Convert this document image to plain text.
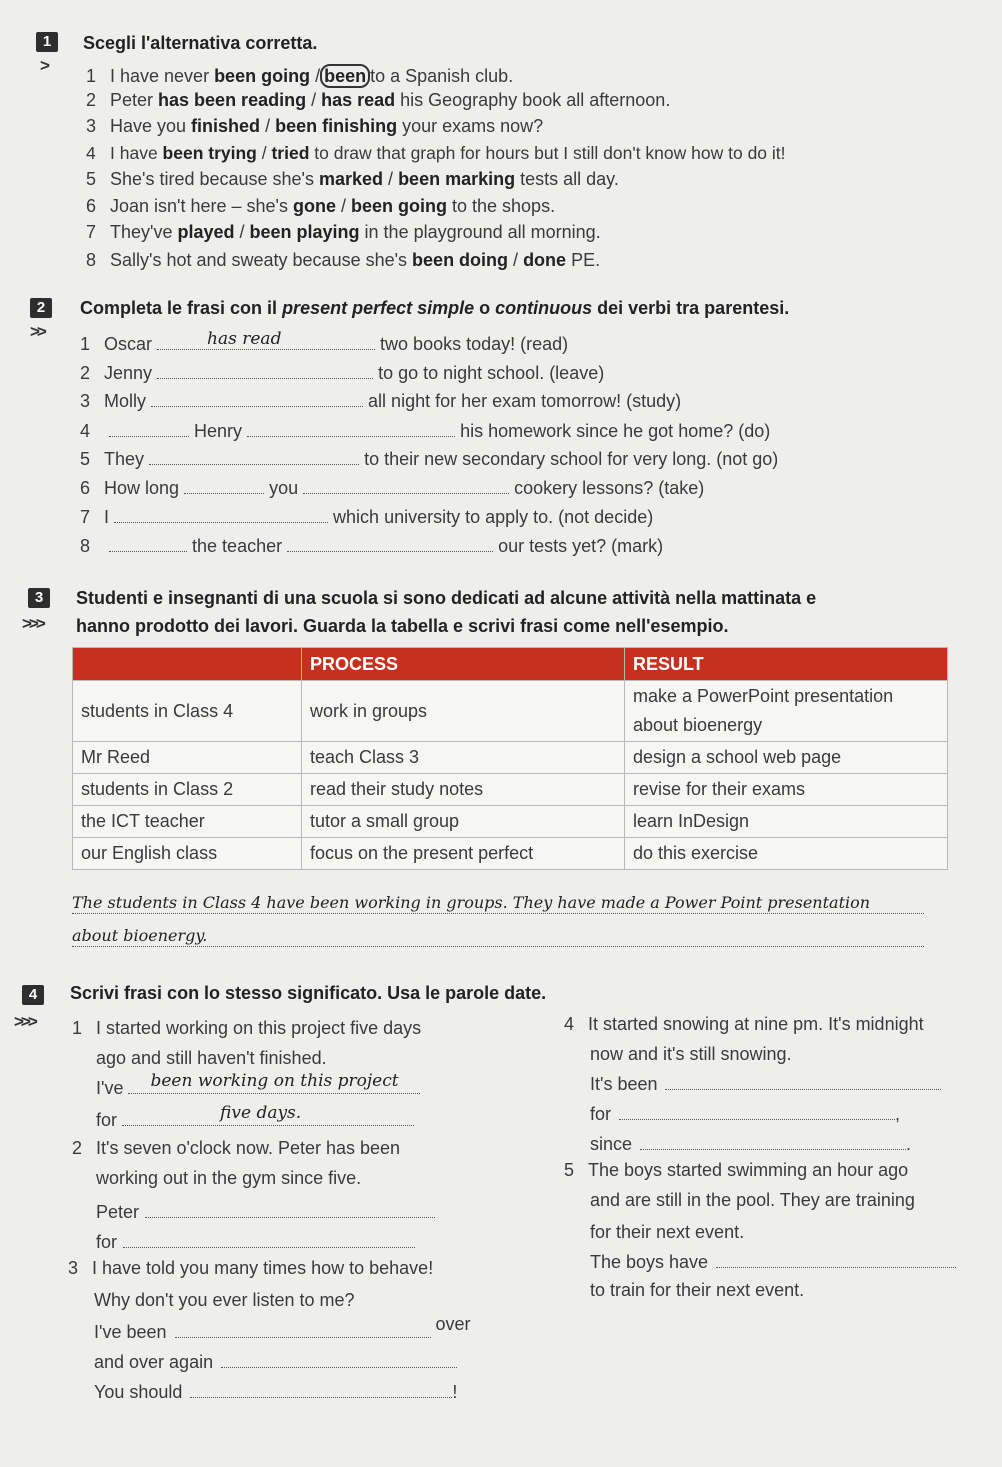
1	Scegli l'alternativa corretta.
>
1 I have never been going / been to a Spanish club.
2 Peter has been reading / has read his Geography book all afternoon.
3 Have you finished / been finishing your exams now?
4 I have been trying / tried to draw that graph for hours but I still don't know how to do it!
5 She's tired because she's marked / been marking tests all day.
6 Joan isn't here – she's gone / been going to the shops.
7 They've played / been playing in the playground all morning.
8 Sally's hot and sweaty because she's been doing / done PE.
2	Completa le frasi con il present perfect simple o continuous dei verbi tra parentesi.
>>
1 Oscar	has read	two books today! (read)
2 Jenny	to go to night school. (leave)
3 Molly	all night for her exam tomorrow! (study)
4	Henry	his homework since he got home? (do)
5 They	to their new secondary school for very long. (not go)
6 How long	you	cookery lessons? (take)
7 I	which university to apply to. (not decide)
8	the teacher	our tests yet? (mark)
3	Studenti e insegnanti di una scuola si sono dedicati ad alcune attività nella mattinata e
hanno prodotto dei lavori. Guarda la tabella e scrivi frasi come nell'esempio.
>>>
	PROCESS	RESULT
students in Class 4	work in groups	make a PowerPoint presentation
about bioenergy
Mr Reed	teach Class 3	design a school web page
students in Class 2	read their study notes	revise for their exams
the ICT teacher	tutor a small group	learn InDesign
our English class	focus on the present perfect	do this exercise
The students in Class 4 have been working in groups. They have made a Power Point presentation
about bioenergy.
4	Scrivi frasi con lo stesso significato. Usa le parole date.
>>> 1 I started working on this project five days
ago and still haven't finished.
I've been working on this project
for	five days.
2 It's seven o'clock now. Peter has been
working out in the gym since five.
Peter
for
3 I have told you many times how to behave!
Why don't you ever listen to me?
I've been	over
and over again
You should	!
4 It started snowing at nine pm. It's midnight
now and it's still snowing.
It's been
for	,
since	.
5 The boys started swimming an hour ago
and are still in the pool. They are training
for their next event.
The boys have
to train for their next event.
